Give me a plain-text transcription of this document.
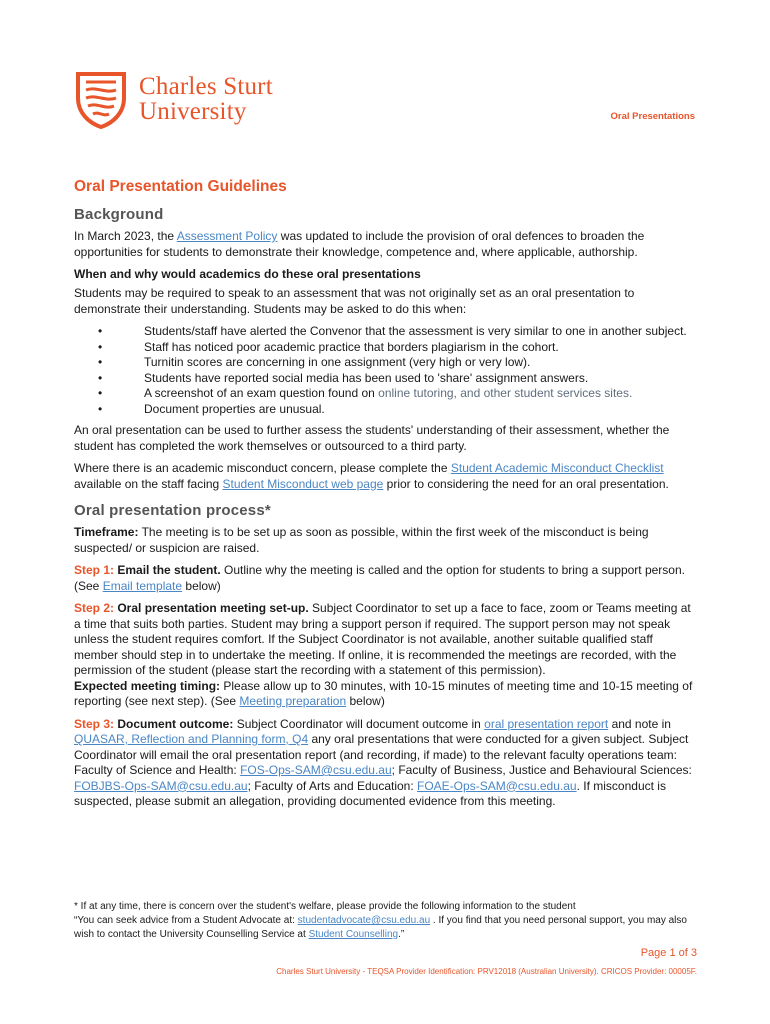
Charles Sturt
University	Oral Presentations
Oral Presentation Guidelines
Background

In March 2023, the Assessment Policy was updated to include the provision of oral defences to broaden the opportunities for students to demonstrate their knowledge, competence and, where applicable, authorship.

When and why would academics do these oral presentations

Students may be required to speak to an assessment that was not originally set as an oral presentation to demonstrate their understanding. Students may be asked to do this when:

•	Students/staff have alerted the Convenor that the assessment is very similar to one in another subject.
•	Staff has noticed poor academic practice that borders plagiarism in the cohort.
•	Turnitin scores are concerning in one assignment (very high or very low).
•	Students have reported social media has been used to 'share' assignment answers.
•	A screenshot of an exam question found on online tutoring, and other student services sites.
•	Document properties are unusual.

An oral presentation can be used to further assess the students' understanding of their assessment, whether the student has completed the work themselves or outsourced to a third party.

Where there is an academic misconduct concern, please complete the Student Academic Misconduct Checklist available on the staff facing Student Misconduct web page prior to considering the need for an oral presentation.

Oral presentation process*

Timeframe: The meeting is to be set up as soon as possible, within the first week of the misconduct is being suspected/ or suspicion are raised.

Step 1: Email the student. Outline why the meeting is called and the option for students to bring a support person. (See Email template below)

Step 2: Oral presentation meeting set-up. Subject Coordinator to set up a face to face, zoom or Teams meeting at a time that suits both parties. Student may bring a support person if required. The support person may not speak unless the student requires comfort. If the Subject Coordinator is not available, another suitable qualified staff member should step in to undertake the meeting. If online, it is recommended the meetings are recorded, with the permission of the student (please start the recording with a statement of this permission).

Expected meeting timing: Please allow up to 30 minutes, with 10-15 minutes of meeting time and 10-15 meeting of reporting (see next step). (See Meeting preparation below)

Step 3: Document outcome: Subject Coordinator will document outcome in oral presentation report and note in QUASAR, Reflection and Planning form, Q4 any oral presentations that were conducted for a given subject. Subject Coordinator will email the oral presentation report (and recording, if made) to the relevant faculty operations team: Faculty of Science and Health: FOS-Ops-SAM@csu.edu.au; Faculty of Business, Justice and Behavioural Sciences: FOBJBS-Ops-SAM@csu.edu.au; Faculty of Arts and Education: FOAE-Ops-SAM@csu.edu.au. If misconduct is suspected, please submit an allegation, providing documented evidence from this meeting.

* If at any time, there is concern over the student's welfare, please provide the following information to the student
“You can seek advice from a Student Advocate at: studentadvocate@csu.edu.au . If you find that you need personal support, you may also wish to contact the University Counselling Service at Student Counselling.”
Page 1 of 3
Charles Sturt University - TEQSA Provider Identification: PRV12018 (Australian University). CRICOS Provider: 00005F.
